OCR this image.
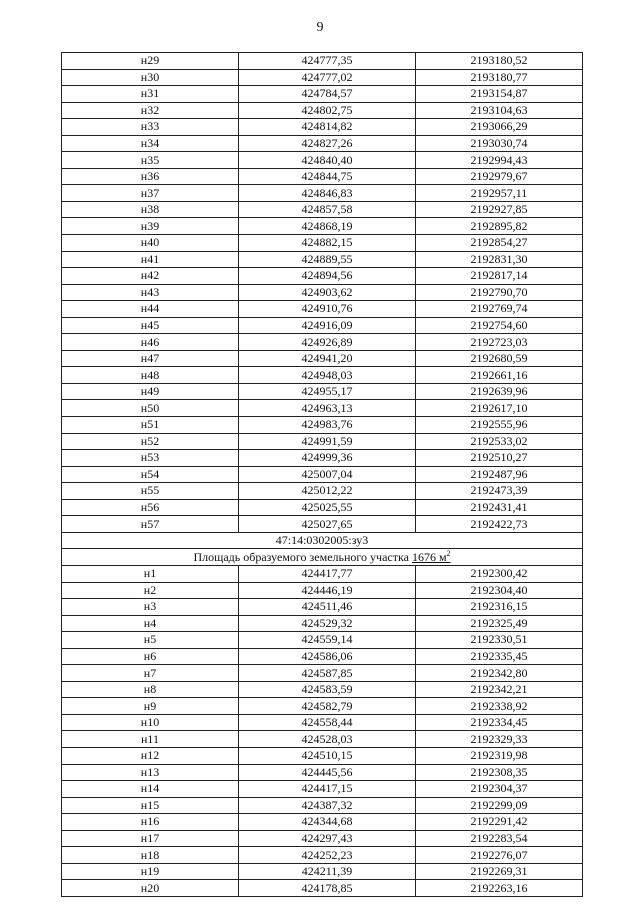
9
н29	424777,35	2193180,52
н30	424777,02	2193180,77
н31	424784,57	2193154,87
н32	424802,75	2193104,63
н33	424814,82	2193066,29
н34	424827,26	2193030,74
н35	424840,40	2192994,43
н36	424844,75	2192979,67
н37	424846,83	2192957,11
н38	424857,58	2192927,85
н39	424868,19	2192895,82
н40	424882,15	2192854,27
н41	424889,55	2192831,30
н42	424894,56	2192817,14
н43	424903,62	2192790,70
н44	424910,76	2192769,74
н45	424916,09	2192754,60
н46	424926,89	2192723,03
н47	424941,20	2192680,59
н48	424948,03	2192661,16
н49	424955,17	2192639,96
н50	424963,13	2192617,10
н51	424983,76	2192555,96
н52	424991,59	2192533,02
н53	424999,36	2192510,27
н54	425007,04	2192487,96
н55	425012,22	2192473,39
н56	425025,55	2192431,41
н57	425027,65	2192422,73
47:14:0302005:зу3		
Площадь образуемого земельного участка 1676 $м^2$
н1	424417,77	2192300,42
н2	424446,19	2192304,40
н3	424511,46	2192316,15
н4	424529,32	2192325,49
н5	424559,14	2192330,51
н6	424586,06	2192335,45
н7	424587,85	2192342,80
н8	424583,59	2192342,21
н9	424582,79	2192338,92
н10	424558,44	2192334,45
н11	424528,03	2192329,33
н12	424510,15	2192319,98
н13	424445,56	2192308,35
н14	424417,15	2192304,37
н15	424387,32	2192299,09
н16	424344,68	2192291,42
н17	424297,43	2192283,54
н18	424252,23	2192276,07
н19	424211,39	2192269,31
н20	424178,85	2192263,16
